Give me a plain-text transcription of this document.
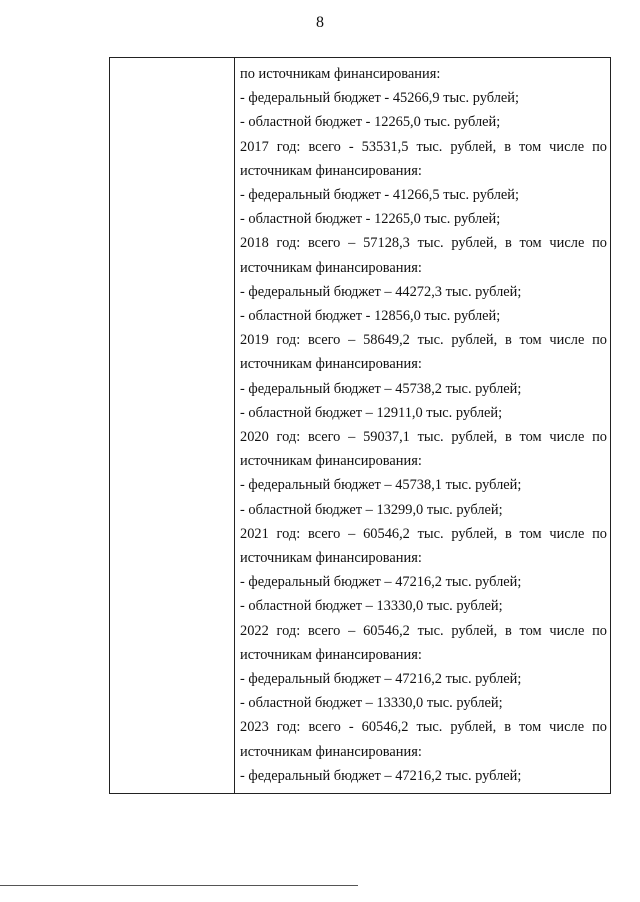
8
по источникам финансирования:
- федеральный бюджет - 45266,9 тыс. рублей;
- областной бюджет - 12265,0 тыс. рублей;
2017 год: всего - 53531,5 тыс. рублей, в том числе по
источникам финансирования:
- федеральный бюджет - 41266,5 тыс. рублей;
- областной бюджет - 12265,0 тыс. рублей;
2018 год: всего – 57128,3 тыс. рублей, в том числе по
источникам финансирования:
- федеральный бюджет – 44272,3 тыс. рублей;
- областной бюджет - 12856,0 тыс. рублей;
2019 год: всего – 58649,2 тыс. рублей, в том числе по
источникам финансирования:
- федеральный бюджет – 45738,2 тыс. рублей;
- областной бюджет – 12911,0 тыс. рублей;
2020 год: всего – 59037,1 тыс. рублей, в том числе по
источникам финансирования:
- федеральный бюджет – 45738,1 тыс. рублей;
- областной бюджет – 13299,0 тыс. рублей;
2021 год: всего – 60546,2 тыс. рублей, в том числе по
источникам финансирования:
- федеральный бюджет – 47216,2 тыс. рублей;
- областной бюджет – 13330,0 тыс. рублей;
2022 год: всего – 60546,2 тыс. рублей, в том числе по
источникам финансирования:
- федеральный бюджет – 47216,2 тыс. рублей;
- областной бюджет – 13330,0 тыс. рублей;
2023 год: всего - 60546,2 тыс. рублей, в том числе по
источникам финансирования:
- федеральный бюджет – 47216,2 тыс. рублей;
